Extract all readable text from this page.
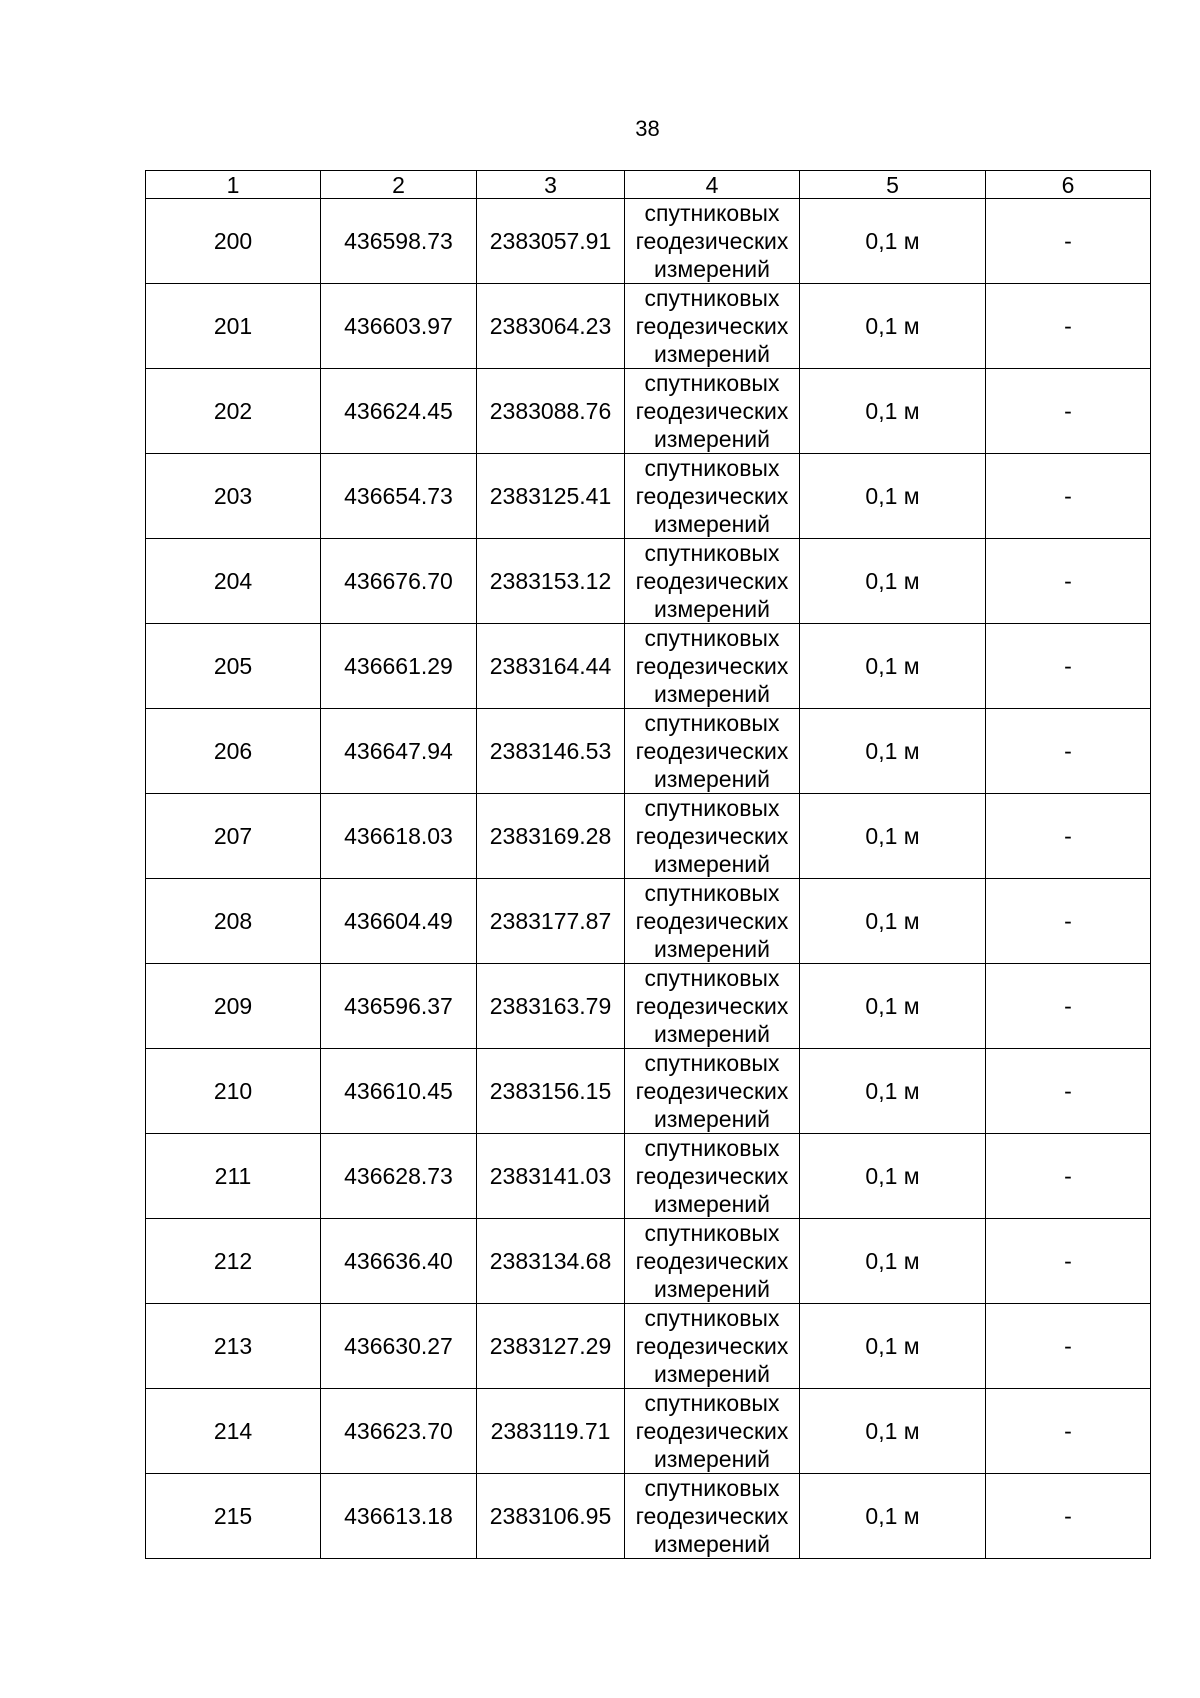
38
1	2	3	4	5	6
200	436598.73	2383057.91	спутниковых
геодезических
измерений	0,1 м	-
201	436603.97	2383064.23	спутниковых
геодезических
измерений	0,1 м	-
202	436624.45	2383088.76	спутниковых
геодезических
измерений	0,1 м	-
203	436654.73	2383125.41	спутниковых
геодезических
измерений	0,1 м	-
204	436676.70	2383153.12	спутниковых
геодезических
измерений	0,1 м	-
205	436661.29	2383164.44	спутниковых
геодезических
измерений	0,1 м	-
206	436647.94	2383146.53	спутниковых
геодезических
измерений	0,1 м	-
207	436618.03	2383169.28	спутниковых
геодезических
измерений	0,1 м	-
208	436604.49	2383177.87	спутниковых
геодезических
измерений	0,1 м	-
209	436596.37	2383163.79	спутниковых
геодезических
измерений	0,1 м	-
210	436610.45	2383156.15	спутниковых
геодезических
измерений	0,1 м	-
211	436628.73	2383141.03	спутниковых
геодезических
измерений	0,1 м	-
212	436636.40	2383134.68	спутниковых
геодезических
измерений	0,1 м	-
213	436630.27	2383127.29	спутниковых
геодезических
измерений	0,1 м	-
214	436623.70	2383119.71	спутниковых
геодезических
измерений	0,1 м	-
215	436613.18	2383106.95	спутниковых
геодезических
измерений	0,1 м	-
